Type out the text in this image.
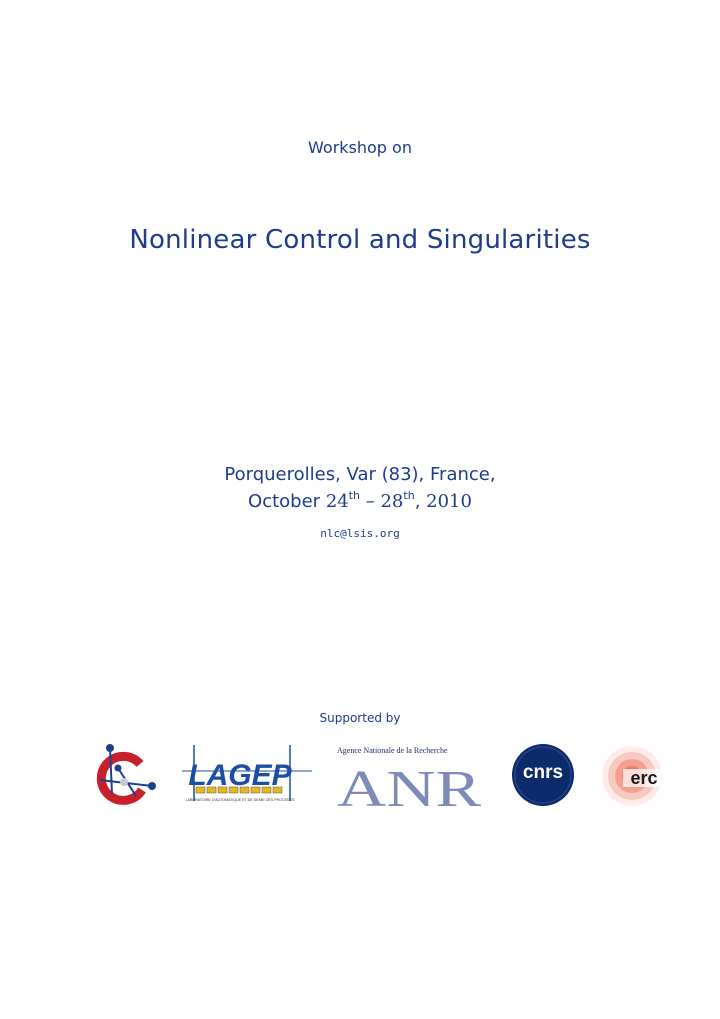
Workshop on
Nonlinear Control and Singularities
Porquerolles, Var (83), France,
October 24th – 28th, 2010
nlc@lsis.org
Supported by
LAGEP
LABORATOIRE D'AUTOMATIQUE ET DE GENIE DES PROCEDES
Agence Nationale de la Recherche
ANR cnrs	erc
